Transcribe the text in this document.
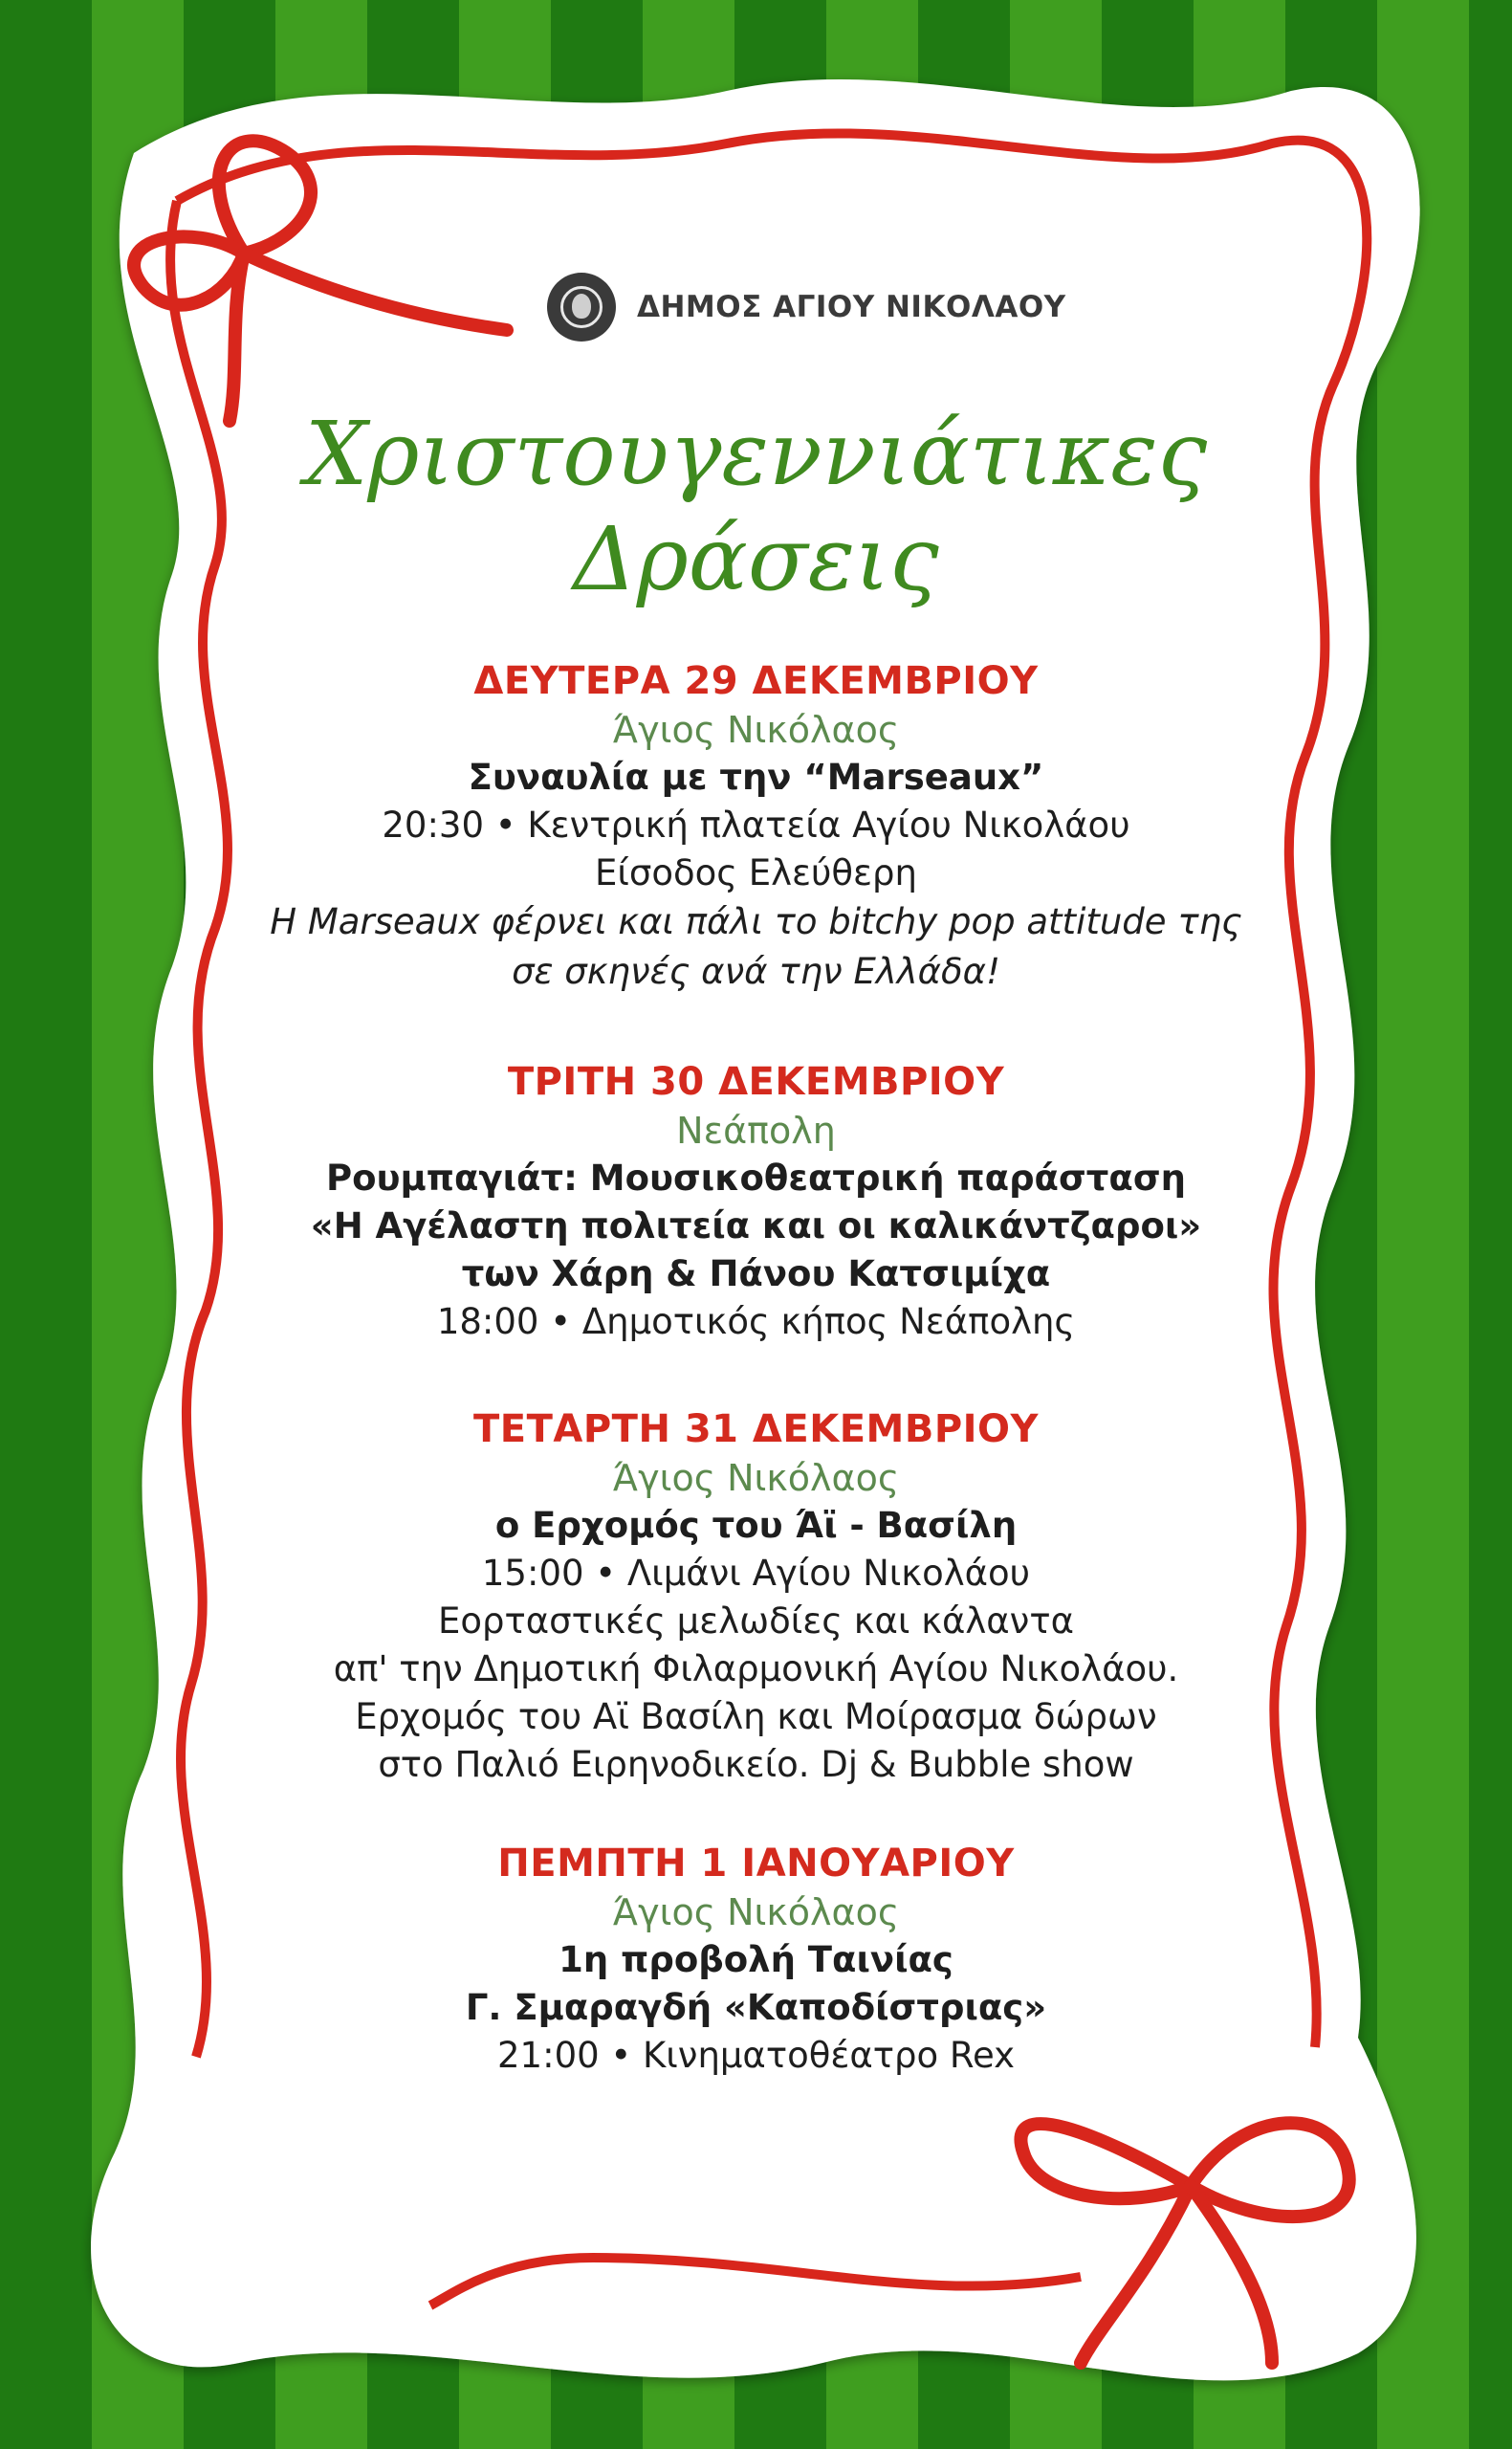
ΔΗΜΟΣ ΑΓΙΟΥ ΝΙΚΟΛΑΟΥ
Χριστουγεννιάτικες
Δράσεις
ΔΕΥΤΕΡΑ 29 ΔΕΚΕΜΒΡΙΟΥ
Άγιος Νικόλαος
Συναυλία με την “Marseaux”
20:30 • Κεντρική πλατεία Αγίου Νικολάου
Είσοδος Ελεύθερη
Η Marseaux φέρνει και πάλι το bitchy pop attitude της
σε σκηνές ανά την Ελλάδα!
ΤΡΙΤΗ 30 ΔΕΚΕΜΒΡΙΟΥ
Νεάπολη
Ρουμπαγιάτ: Μουσικοθεατρική παράσταση
«Η Αγέλαστη πολιτεία και οι καλικάντζαροι»
των Χάρη & Πάνου Κατσιμίχα
18:00 • Δημοτικός κήπος Νεάπολης
ΤΕΤΑΡΤΗ 31 ΔΕΚΕΜΒΡΙΟΥ
Άγιος Νικόλαος
ο Ερχομός του Άϊ - Βασίλη
15:00 • Λιμάνι Αγίου Νικολάου
Εορταστικές μελωδίες και κάλαντα
απ' την Δημοτική Φιλαρμονική Αγίου Νικολάου.
Ερχομός του Αϊ Βασίλη και Μοίρασμα δώρων
στο Παλιό Ειρηνοδικείο. Dj & Bubble show
ΠΕΜΠΤΗ 1 ΙΑΝΟΥΑΡΙΟΥ
Άγιος Νικόλαος
1η προβολή Ταινίας
Γ. Σμαραγδή «Καποδίστριας»
21:00 • Κινηματοθέατρο Rex
